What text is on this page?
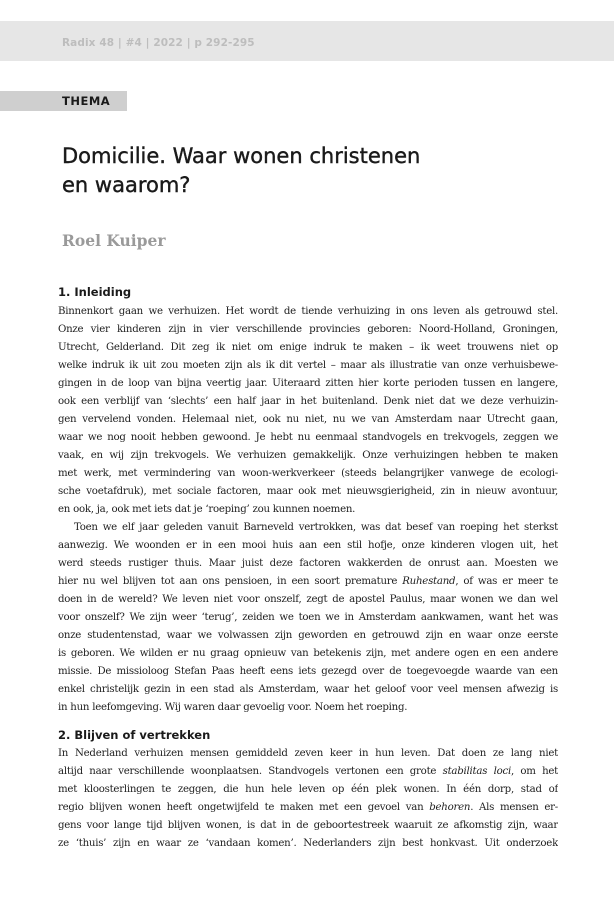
Radix 48 | #4 | 2022 | p 292-295
THEMA
Domicilie. Waar wonen christenen
en waarom?
Roel Kuiper
1. Inleiding
Binnenkort gaan we verhuizen. Het wordt de tiende verhuizing in ons leven als getrouwd stel.
Onze vier kinderen zijn in vier verschillende provincies geboren: Noord-Holland, Groningen,
Utrecht, Gelderland. Dit zeg ik niet om enige indruk te maken – ik weet trouwens niet op
welke indruk ik uit zou moeten zijn als ik dit vertel – maar als illustratie van onze verhuisbewe-
gingen in de loop van bijna veertig jaar. Uiteraard zitten hier korte perioden tussen en langere,
ook een verblijf van ‘slechts’ een half jaar in het buitenland. Denk niet dat we deze verhuizin-
gen vervelend vonden. Helemaal niet, ook nu niet, nu we van Amsterdam naar Utrecht gaan,
waar we nog nooit hebben gewoond. Je hebt nu eenmaal standvogels en trekvogels, zeggen we
vaak, en wij zijn trekvogels. We verhuizen gemakkelijk. Onze verhuizingen hebben te maken
met werk, met vermindering van woon-werkverkeer (steeds belangrijker vanwege de ecologi-
sche voetafdruk), met sociale factoren, maar ook met nieuwsgierigheid, zin in nieuw avontuur,
en ook, ja, ook met iets dat je ‘roeping’ zou kunnen noemen.
Toen we elf jaar geleden vanuit Barneveld vertrokken, was dat besef van roeping het sterkst
aanwezig. We woonden er in een mooi huis aan een stil hofje, onze kinderen vlogen uit, het
werd steeds rustiger thuis. Maar juist deze factoren wakkerden de onrust aan. Moesten we
hier nu wel blijven tot aan ons pensioen, in een soort premature Ruhestand, of was er meer te
doen in de wereld? We leven niet voor onszelf, zegt de apostel Paulus, maar wonen we dan wel
voor onszelf? We zijn weer ‘terug’, zeiden we toen we in Amsterdam aankwamen, want het was
onze studentenstad, waar we volwassen zijn geworden en getrouwd zijn en waar onze eerste
is geboren. We wilden er nu graag opnieuw van betekenis zijn, met andere ogen en een andere
missie. De missioloog Stefan Paas heeft eens iets gezegd over de toegevoegde waarde van een
enkel christelijk gezin in een stad als Amsterdam, waar het geloof voor veel mensen afwezig is
in hun leefomgeving. Wij waren daar gevoelig voor. Noem het roeping.
2. Blijven of vertrekken
In Nederland verhuizen mensen gemiddeld zeven keer in hun leven. Dat doen ze lang niet
altijd naar verschillende woonplaatsen. Standvogels vertonen een grote stabilitas loci, om het
met kloosterlingen te zeggen, die hun hele leven op één plek wonen. In één dorp, stad of
regio blijven wonen heeft ongetwijfeld te maken met een gevoel van behoren. Als mensen er-
gens voor lange tijd blijven wonen, is dat in de geboortestreek waaruit ze afkomstig zijn, waar
ze ‘thuis’ zijn en waar ze ‘vandaan komen’. Nederlanders zijn best honkvast. Uit onderzoek
